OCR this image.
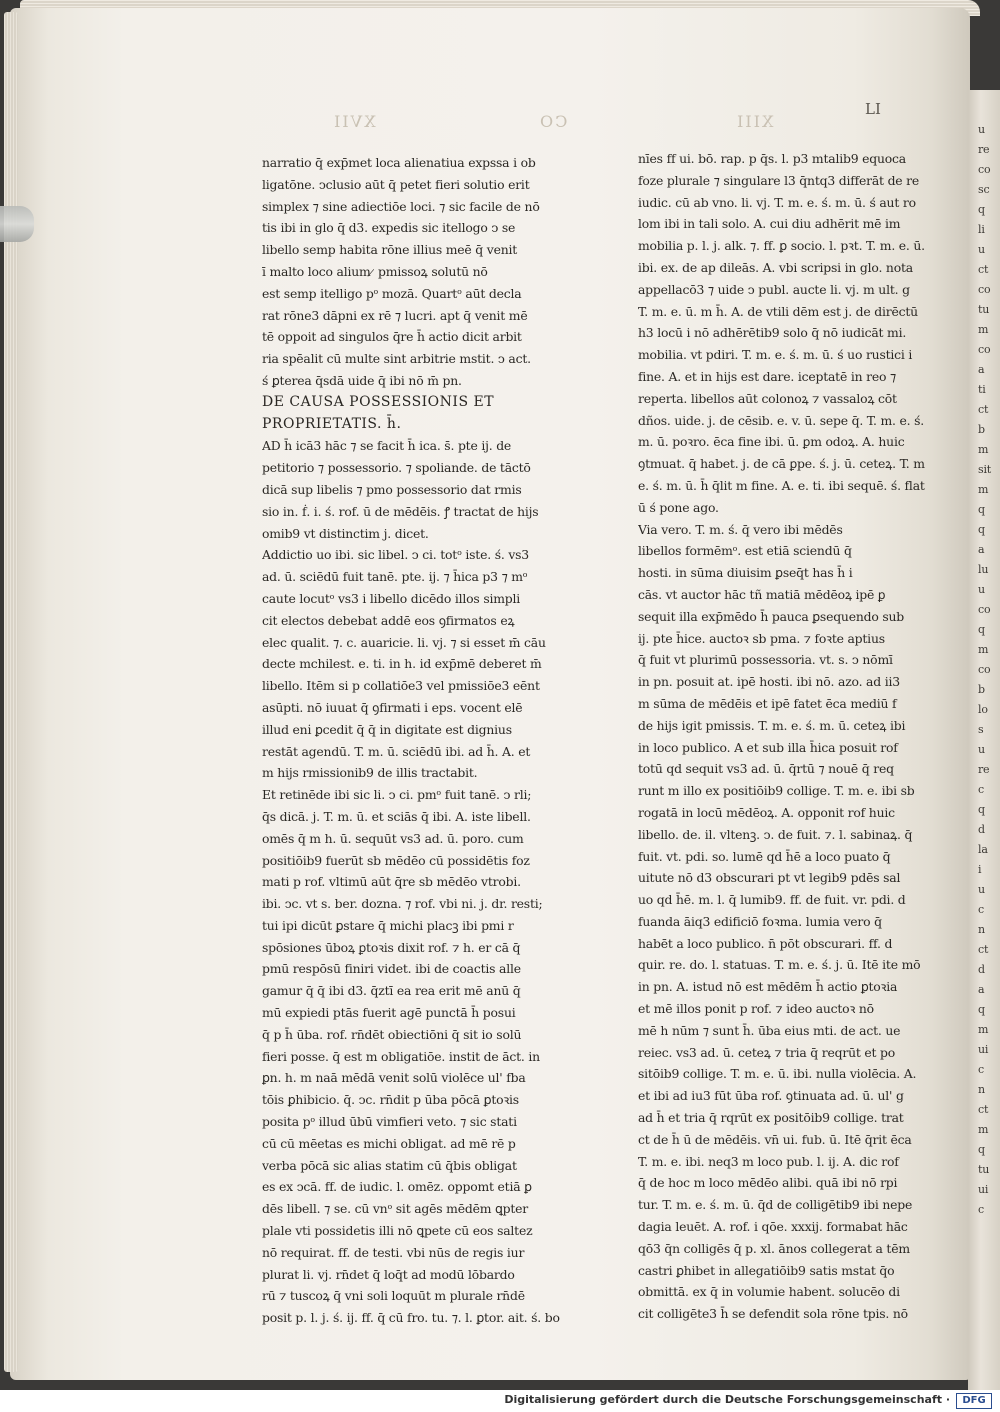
XVII	CO	XIII
LI
narratio q̄ exp̄met loca alienatiua expssa i ob
ligatōne. ↄclusio aūt q̄ petet fieri solutio erit
simplex ⁊ sine adiectiōe loci. ⁊ sic facile de nō
tis ibi in glo q̄ d3. expedi̇s sic itellogo ↄ se
libello semp habita rōne illius meē q̄ venit
ī malto loco alium ̷ pmissoꝝ solutū nō
est semp itelligo pᵒ mozā. Quartᵒ aūt decla
rat rōne3 dāpni ex rē ⁊ lucri. apt q̄ venit mē
tē oppoit ad singulos q̄re h̄ actio dicit arbit
ria spēalit cū multe sint arbitrie mstit. ↄ act.
ś ꝑterea q̄sdā uide q̄ ibi nō m̄ pn.
DE CAUSA POSSESSIONIS ET
PROPRIETATIS. h̄.
AD h̄ icā3 hāc ⁊ se facit h̄ ica. s̄. pte ij. de
petitorio ⁊ possessorio. ⁊ spoliande. de tāctō
dicā sup libelis ⁊ pmo possessorio dat rmis
sio in. ḟ. i. ś. rof. ū de mēdēis. ꝭ tractat de hijs
omib9 vt distinctim j. dicet.
Addictio uo ibi. sic libel. ↄ ci. totᵒ iste. ś. vs3
ad. ū. sciēdū fuit tanē. pte. ij. ⁊ h̄ica p3 ⁊ mᵒ
caute locutᵒ vs3 i libello dicēdo illos simpli
cit electos debebat addē eos ꝯfirmatos eꝝ
elec qualit. ⁊. c. auaricie. li. vj. ⁊ si esset m̄ cāu
decte mchilest. e. ti. in h. id exp̄mē deberet m̄
libello. Itēm si p collatiōe3 vel pmissiōe3 eēnt
asūpti. nō iuuat q̄ ꝯfirmati i eps. vocent elē
illud eni̇ ꝑcedit q̄ q̄ in digitate est dignius
restāt agendū. T. m. ū. sciēdū ibi. ad h̄. A. et
m hijs rmissionib9 de illis tractabit.
Et retinēde ibi sic li. ↄ ci. pmᵒ fuit tanē. ↄ rli;
q̄s dicā. j. T. m. ū. et sciās q̄ ibi. A. iste libell.
omēs q̄ m h. ū. sequūt vs3 ad. ū. poro. cum
positiōib9 fuerūt sb mēdēo cū possidētis foz
mati p rof. vltimū aūt q̄re sb mēdēo vtrobi.
ibi. ↄc. vt s. ber. dozna. ⁊ rof. vbi ni. j. dr. resti;
tui ipi dicūt ꝑstare q̄ michi placꝫ ibi pmi r
spōsiones ūboꝝ ꝑtoꝛis dixit rof. ⁊ h. er cā q̄
pmū respōsū finiri videt. ibi de coactis alle
gamur q̄ q̄ ibi d3. q̄ztī ea rea erit mē anū q̄
mū expiedi ptās fuerit agē punctā h̄ posui
q̄ p h̄ ūba. rof. rn̄dēt obiectiōni q̄ sit io solū
fieri posse. q̄ est m obligatiōe. instit de āct. in
ꝑn. h. m naā mēdā venit solū violēce ul' fba
tōis ꝑhibicio. q̄. ↄc. rn̄dit p ūba pōcā ꝑtoꝛis
posita pᵒ illud ūbū vimfieri veto. ⁊ sic stati
cū cū mēetas es michi obligat. ad mē rē p
verba pōcā sic alias statim cū q̄bis obligat
es ex ↄcā. ff. de iudic. l. omēz. oppomt etiā ꝑ
dēs libell. ⁊ se. cū vnᵒ sit agēs mēdēm ꝗpter
plale vti possidetis illi nō ꝗpete cū eos saltez
nō requirat. ff. de testi. vbi nūs de regis iur
plurat li. vj. rn̄det q̄ loq̄t ad modū lōbardo
rū ⁊ tuscoꝝ q̄ vni soli loquūt m plurale rn̄dē
posit p. l. j. ś. ij. ff. q̄ cū fro. tu. ⁊. l. ꝑtor. ait. ś. bo
nīes ff ui. bō. rap. p q̄s. l. p3 mtalib9 equoca
foze plurale ⁊ singulare l3 q̄ntq3 differāt de re
iudic. cū ab vno. li. vj. T. m. e. ś. m. ū. ś aut ro
lom ibi in tali solo. A. cui diu adhērit mē im
mobilia p. l. j. alk. ⁊. ff. ꝑ socio. l. pꝛt. T. m. e. ū.
ibi. ex. de ap dileās. A. vbi scripsi in glo. nota
appellacō3 ⁊ uide ↄ publ. aucte li. vj. m ult. g
T. m. e. ū. m h̄. A. de vtili dēm est j. de dirēctū
h3 locū i nō adhērētib9 solo q̄ nō iudicāt mi.
mobilia. vt pdiri. T. m. e. ś. m. ū. ś uo rustici i
fine. A. et in hijs est dare. iceptatē in reo ⁊
reperta. libellos aūt colonoꝝ ⁊ vassaloꝝ cōt
dños. uide. j. de cēsib. e. v. ū. sepe q̄. T. m. e. ś.
m. ū. poꝛro. ēca fine ibi. ū. ꝑm odoꝝ. A. huic
ꝯtmuat. q̄ habet. j. de cā ꝑpe. ś. j. ū. ceteꝝ. T. m
e. ś. m. ū. h̄ q̄lit m fine. A. e. ti. ibi sequē. ś. flat
ū ś pone ago.
Via vero. T. m. ś. q̄ vero ibi mēdēs
libellos formēmᵒ. est etiā sciendū q̄
hosti. in sūma diuisim ꝑseq̄t has h̄ i
cās. vt auctor hāc tñ matiā mēdēoꝝ ipē ꝑ
sequit illa exp̄mēdo h̄ pauca ꝑsequendo sub
ij. pte h̄ice. auctoꝛ sb pma. ⁊ foꝛte aptius
q̄ fuit vt plurimū possessoria. vt. s. ↄ nōmī
in pn. posuit at. ipē hosti. ibi nō. azo. ad ii3
m sūma de mēdēis et ipē fatet ēca mediū f
de hijs igit pmissis. T. m. e. ś. m. ū. ceteꝝ ibi
in loco publico. A et sub illa h̄ica posuit rof
totū qd sequit vs3 ad. ū. q̄rtū ⁊ nouē q̄ req
runt m illo ex positiōib9 collige. T. m. e. ibi sb
rogatā in locū mēdēoꝝ. A. opponit rof huic
libello. de. il. vltenꝫ. ↄ. de fuit. ⁊. l. sabinaꝝ. q̄
fuit. vt. pdi. so. lumē qd h̄ē a loco puato q̄
uitute nō d3 obscurari pt vt legib9 pdēs sal
uo qd h̄ē. m. l. q̄ lumib9. ff. de fuit. vr. pdi. d
fuanda āiq3 edificiō foꝛma. lumia vero q̄
habēt a loco publico. n̄ pōt obscurari. ff. d
quir. re. do. l. statuas. T. m. e. ś. j. ū. Itē ite mō
in pn. A. istud nō est mēdēm h̄ actio ꝑtoꝛia
et mē illos ponit p rof. ⁊ ideo auctoꝛ nō
mē h nūm ⁊ sunt h̄. ūba eius mti. de act. ue
reiec. vs3 ad. ū. ceteꝝ ⁊ tria q̄ reqrūt et po
sitōib9 collige. T. m. e. ū. ibi. nulla violēcia. A.
et ibi ad iu3 fūt ūba rof. ꝯtinuata ad. ū. ul' g
ad h̄ et tria q̄ rqrūt ex positōib9 collige. trat
ct de h̄ ū de mēdēis. vn̄ ui. fub. ū. Itē q̄rit ēca
T. m. e. ibi. neq3 m loco pub. l. ij. A. dic rof
q̄ de hoc m loco mēdēo alibi. quā ibi nō rpi
tur. T. m. e. ś. m. ū. q̄d de colligētib9 ibi nepe
dagia leuēt. A. rof. i qōe. xxxij. formabat hāc
qō3 q̄n colligēs q̄ p. xl. ānos collegerat a tēm
castri ꝑhibet in allegatiōib9 satis mstat q̄o
obmittā. ex q̄ in volumie habent. solucēo di
cit colligēte3 h̄ se defendit sola rōne tpis. nō
u
re
co
sc
q
li
u
ct
co
tu
m
co
a
ti
ct
b
m
sit
m
q
q
a
lu
u
co
q
m
co
b
lo
s
u
re
c
q
d
la
i
u
c
n
ct
d
a
q
m
ui
c
n
ct
m
q
tu
ui
c
Digitalisierung gefördert durch die Deutsche Forschungsgemeinschaft ·	DFG
